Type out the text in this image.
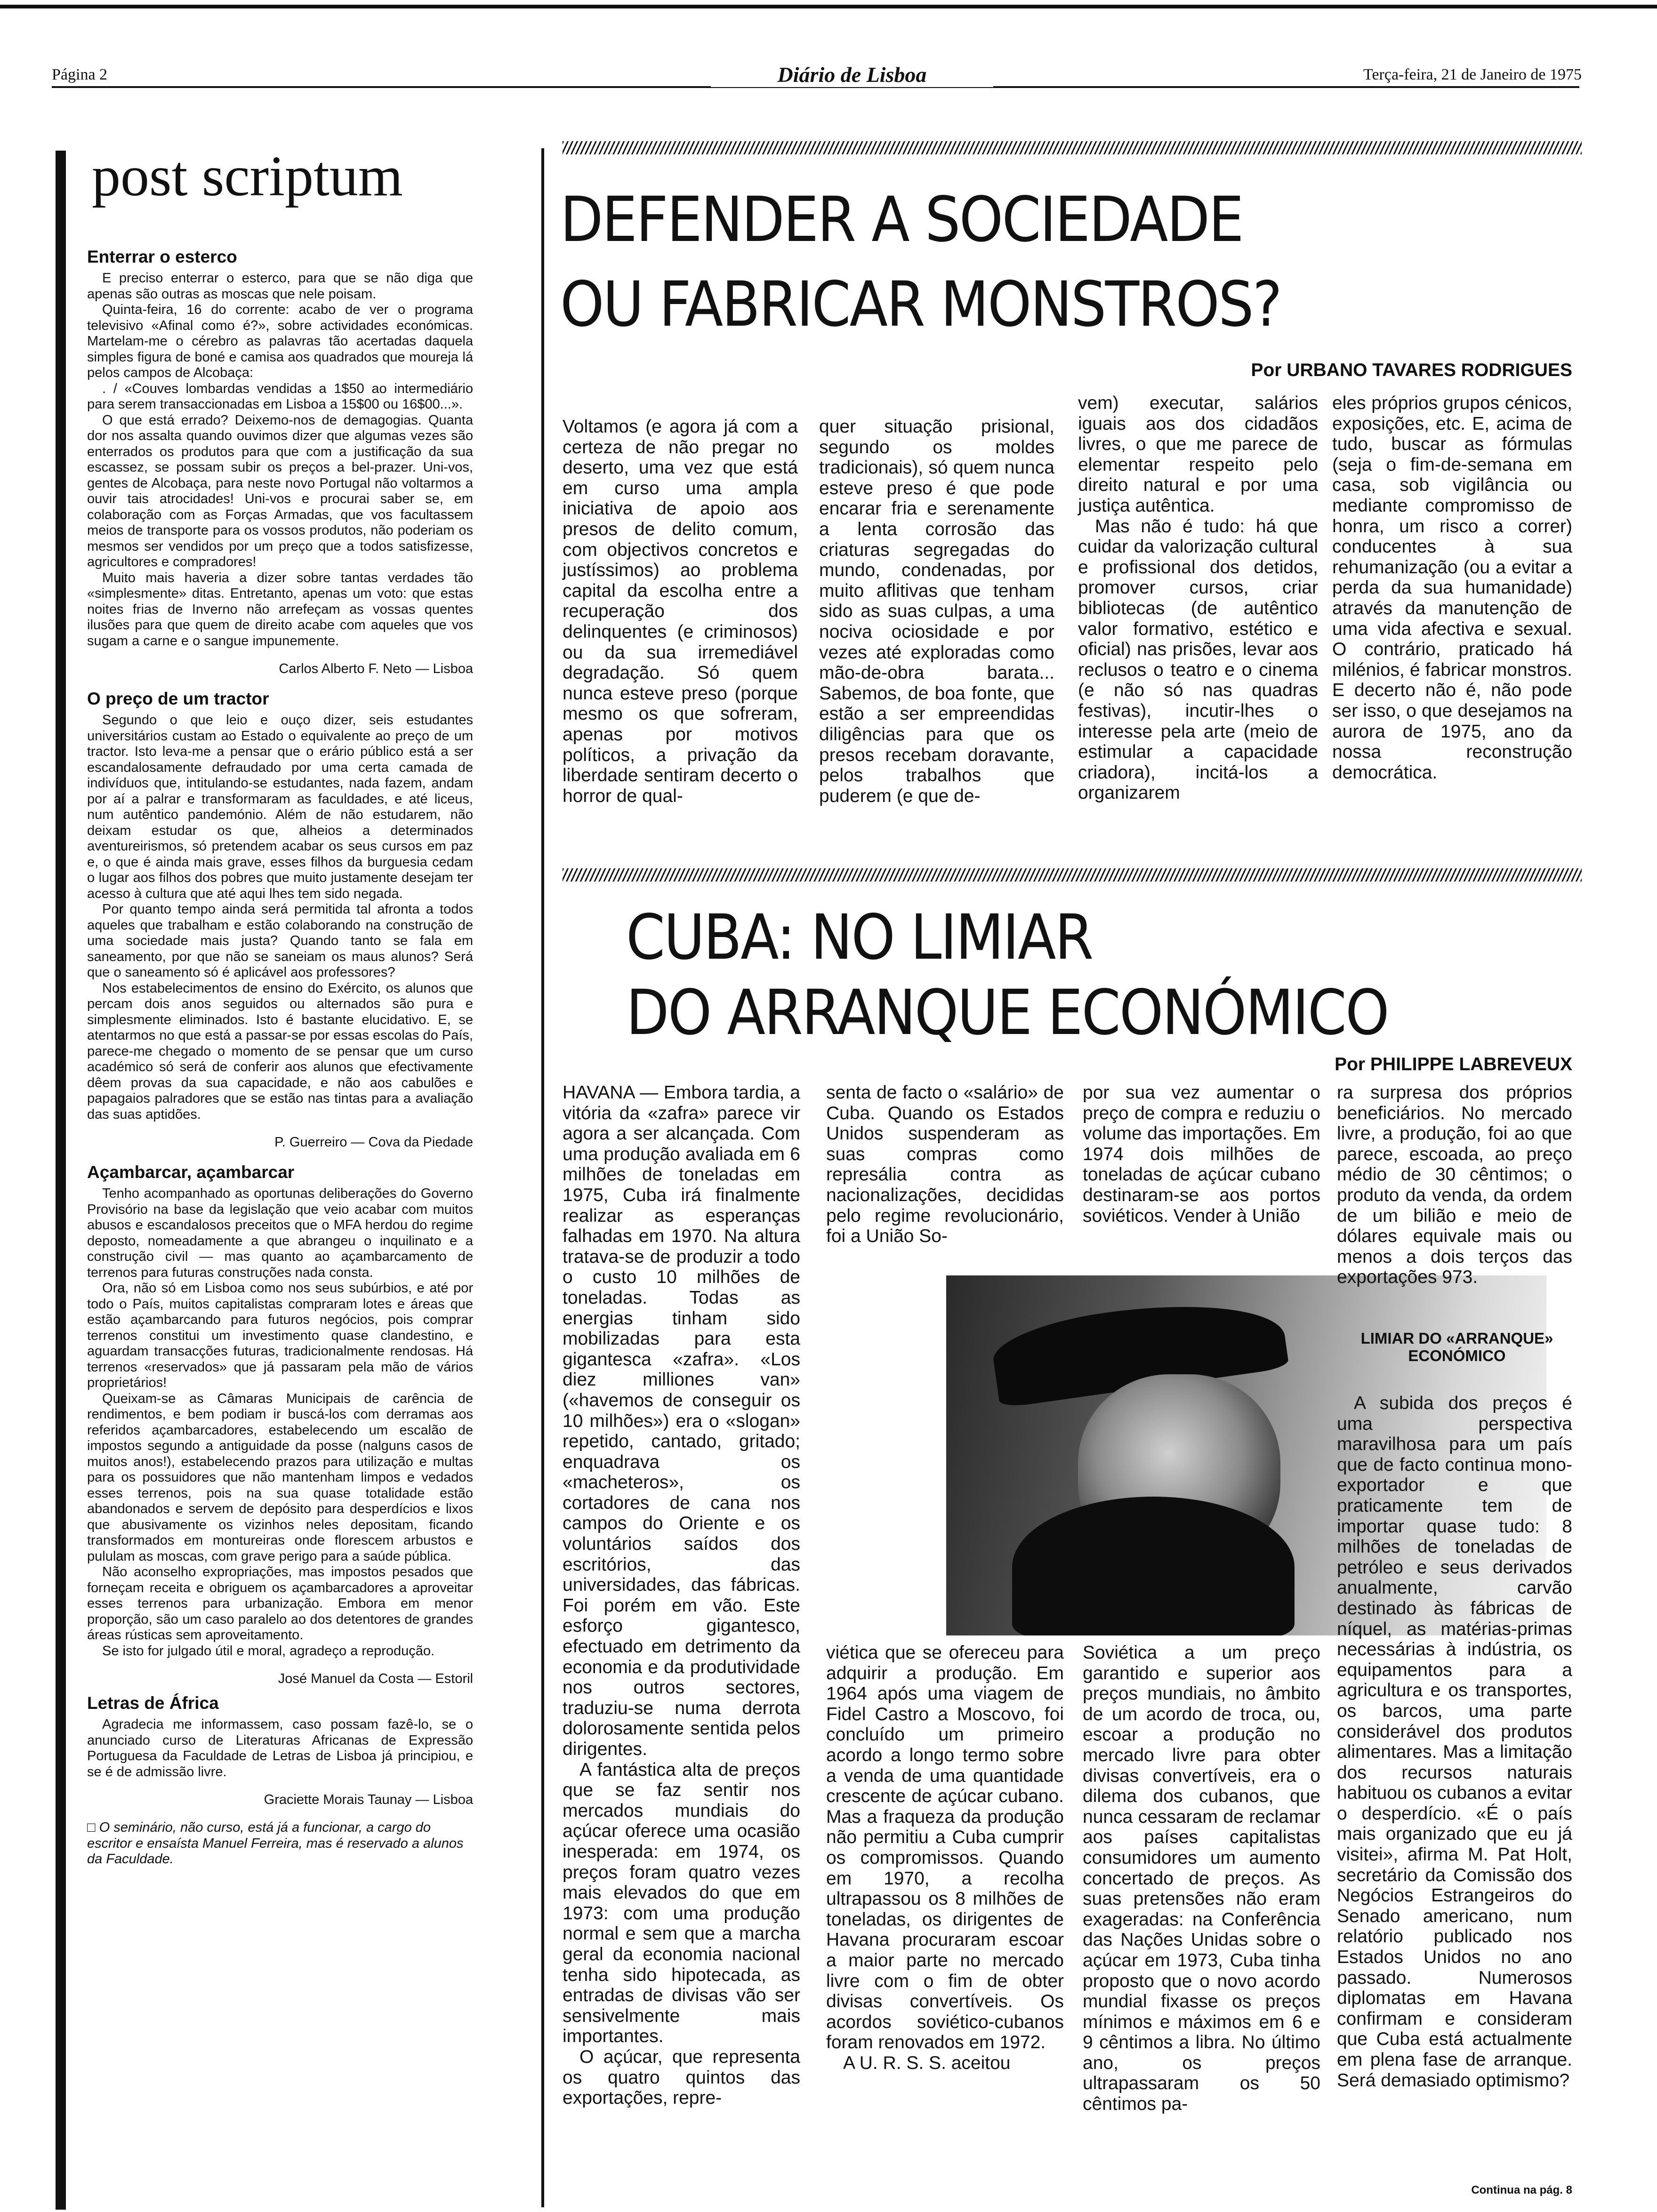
Página 2	Diário de Lisboa	Terça-feira, 21 de Janeiro de 1975
post scriptum
Enterrar o esterco

E preciso enterrar o esterco, para que se não diga que apenas são outras as moscas que nele poisam.

Quinta-feira, 16 do corrente: acabo de ver o programa televisivo «Afinal como é?», sobre actividades económicas. Martelam-me o cérebro as palavras tão acertadas daquela simples figura de boné e camisa aos quadrados que moureja lá pelos campos de Alcobaça:

. / «Couves lombardas vendidas a 1$50 ao intermediário para serem transaccionadas em Lisboa a 15$00 ou 16$00...».

O que está errado? Deixemo-nos de demagogias. Quanta dor nos assalta quando ouvimos dizer que algumas vezes são enterrados os produtos para que com a justificação da sua escassez, se possam subir os preços a bel-prazer. Uni-vos, gentes de Alcobaça, para neste novo Portugal não voltarmos a ouvir tais atrocidades! Uni-vos e procurai saber se, em colaboração com as Forças Armadas, que vos facultassem meios de transporte para os vossos produtos, não poderiam os mesmos ser vendidos por um preço que a todos satisfizesse, agricultores e compradores!

Muito mais haveria a dizer sobre tantas verdades tão «simplesmente» ditas. Entretanto, apenas um voto: que estas noites frias de Inverno não arrefeçam as vossas quentes ilusões para que quem de direito acabe com aqueles que vos sugam a carne e o sangue impunemente.

Carlos Alberto F. Neto — Lisboa
O preço de um tractor

Segundo o que leio e ouço dizer, seis estudantes universitários custam ao Estado o equivalente ao preço de um tractor. Isto leva-me a pensar que o erário público está a ser escandalosamente defraudado por uma certa camada de indivíduos que, intitulando-se estudantes, nada fazem, andam por aí a palrar e transformaram as faculdades, e até liceus, num autêntico pandemónio. Além de não estudarem, não deixam estudar os que, alheios a determinados aventureirismos, só pretendem acabar os seus cursos em paz e, o que é ainda mais grave, esses filhos da burguesia cedam o lugar aos filhos dos pobres que muito justamente desejam ter acesso à cultura que até aqui lhes tem sido negada.

Por quanto tempo ainda será permitida tal afronta a todos aqueles que trabalham e estão colaborando na construção de uma sociedade mais justa? Quando tanto se fala em saneamento, por que não se saneiam os maus alunos? Será que o saneamento só é aplicável aos professores?

Nos estabelecimentos de ensino do Exército, os alunos que percam dois anos seguidos ou alternados são pura e simplesmente eliminados. Isto é bastante elucidativo. E, se atentarmos no que está a passar-se por essas escolas do País, parece-me chegado o momento de se pensar que um curso académico só será de conferir aos alunos que efectivamente dêem provas da sua capacidade, e não aos cabulões e papagaios palradores que se estão nas tintas para a avaliação das suas aptidões.

P. Guerreiro — Cova da Piedade
Açambarcar, açambarcar

Tenho acompanhado as oportunas deliberações do Governo Provisório na base da legislação que veio acabar com muitos abusos e escandalosos preceitos que o MFA herdou do regime deposto, nomeadamente a que abrangeu o inquilinato e a construção civil — mas quanto ao açambarcamento de terrenos para futuras construções nada consta.

Ora, não só em Lisboa como nos seus subúrbios, e até por todo o País, muitos capitalistas compraram lotes e áreas que estão açambarcando para futuros negócios, pois comprar terrenos constitui um investimento quase clandestino, e aguardam transacções futuras, tradicionalmente rendosas. Há terrenos «reservados» que já passaram pela mão de vários proprietários!

Queixam-se as Câmaras Municipais de carência de rendimentos, e bem podiam ir buscá-los com derramas aos referidos açambarcadores, estabelecendo um escalão de impostos segundo a antiguidade da posse (nalguns casos de muitos anos!), estabelecendo prazos para utilização e multas para os possuidores que não mantenham limpos e vedados esses terrenos, pois na sua quase totalidade estão abandonados e servem de depósito para desperdícios e lixos que abusivamente os vizinhos neles depositam, ficando transformados em montureiras onde florescem arbustos e pululam as moscas, com grave perigo para a saúde pública.

Não aconselho expropriações, mas impostos pesados que forneçam receita e obriguem os açambarcadores a aproveitar esses terrenos para urbanização. Embora em menor proporção, são um caso paralelo ao dos detentores de grandes áreas rústicas sem aproveitamento.

Se isto for julgado útil e moral, agradeço a reprodução.

José Manuel da Costa — Estoril
Letras de África

Agradecia me informassem, caso possam fazê-lo, se o anunciado curso de Literaturas Africanas de Expressão Portuguesa da Faculdade de Letras de Lisboa já principiou, e se é de admissão livre.

Graciette Morais Taunay — Lisboa
□ O seminário, não curso, está já a funcionar, a cargo do escritor e ensaísta Manuel Ferreira, mas é reservado a alunos da Faculdade.
DEFENDER A SOCIEDADE
OU FABRICAR MONSTROS?
Por URBANO TAVARES RODRIGUES

Voltamos (e agora já com a certeza de não pregar no deserto, uma vez que está em curso uma ampla iniciativa de apoio aos presos de delito comum, com objectivos concretos e justíssimos) ao problema capital da escolha entre a recuperação dos delinquentes (e criminosos) ou da sua irremediável degradação. Só quem nunca esteve preso (porque mesmo os que sofreram, apenas por motivos políticos, a privação da liberdade sentiram decerto o horror de qual-

quer situação prisional, segundo os moldes tradicionais), só quem nunca esteve preso é que pode encarar fria e serenamente a lenta corrosão das criaturas segregadas do mundo, condenadas, por muito aflitivas que tenham sido as suas culpas, a uma nociva ociosidade e por vezes até exploradas como mão-de-obra barata... Sabemos, de boa fonte, que estão a ser empreendidas diligências para que os presos recebam doravante, pelos trabalhos que puderem (e que de-

vem) executar, salários iguais aos dos cidadãos livres, o que me parece de elementar respeito pelo direito natural e por uma justiça autêntica.

Mas não é tudo: há que cuidar da valorização cultural e profissional dos detidos, promover cursos, criar bibliotecas (de autêntico valor formativo, estético e oficial) nas prisões, levar aos reclusos o teatro e o cinema (e não só nas quadras festivas), incutir-lhes o interesse pela arte (meio de estimular a capacidade criadora), incitá-los a organizarem

eles próprios grupos cénicos, exposições, etc. E, acima de tudo, buscar as fórmulas (seja o fim-de-semana em casa, sob vigilância ou mediante compromisso de honra, um risco a correr) conducentes à sua rehumanização (ou a evitar a perda da sua humanidade) através da manutenção de uma vida afectiva e sexual. O contrário, praticado há milénios, é fabricar monstros. E decerto não é, não pode ser isso, o que desejamos na aurora de 1975, ano da nossa reconstrução democrática.

CUBA: NO LIMIAR
DO ARRANQUE ECONÓMICO
Por PHILIPPE LABREVEUX

HAVANA — Embora tardia, a vitória da «zafra» parece vir agora a ser alcançada. Com uma produção avaliada em 6 milhões de toneladas em 1975, Cuba irá finalmente realizar as esperanças falhadas em 1970. Na altura tratava-se de produzir a todo o custo 10 milhões de toneladas. Todas as energias tinham sido mobilizadas para esta gigantesca «zafra». «Los diez milliones van» («havemos de conseguir os 10 milhões») era o «slogan» repetido, cantado, gritado; enquadrava os «macheteros», os cortadores de cana nos campos do Oriente e os voluntários saídos dos escritórios, das universidades, das fábricas. Foi porém em vão. Este esforço gigantesco, efectuado em detrimento da economia e da produtividade nos outros sectores, traduziu-se numa derrota dolorosamente sentida pelos dirigentes.

A fantástica alta de preços que se faz sentir nos mercados mundiais do açúcar oferece uma ocasião inesperada: em 1974, os preços foram quatro vezes mais elevados do que em 1973: com uma produção normal e sem que a marcha geral da economia nacional tenha sido hipotecada, as entradas de divisas vão ser sensivelmente mais importantes.

O açúcar, que representa os quatro quintos das exportações, repre-

senta de facto o «salário» de Cuba. Quando os Estados Unidos suspenderam as suas compras como represália contra as nacionalizações, decididas pelo regime revolucionário, foi a União So-

por sua vez aumentar o preço de compra e reduziu o volume das importações. Em 1974 dois milhões de toneladas de açúcar cubano destinaram-se aos portos soviéticos. Vender à União

viética que se ofereceu para adquirir a produção. Em 1964 após uma viagem de Fidel Castro a Moscovo, foi concluído um primeiro acordo a longo termo sobre a venda de uma quantidade crescente de açúcar cubano. Mas a fraqueza da produção não permitiu a Cuba cumprir os compromissos. Quando em 1970, a recolha ultrapassou os 8 milhões de toneladas, os dirigentes de Havana procuraram escoar a maior parte no mercado livre com o fim de obter divisas convertíveis. Os acordos soviético-cubanos foram renovados em 1972.

A U. R. S. S. aceitou

Soviética a um preço garantido e superior aos preços mundiais, no âmbito de um acordo de troca, ou, escoar a produção no mercado livre para obter divisas convertíveis, era o dilema dos cubanos, que nunca cessaram de reclamar aos países capitalistas consumidores um aumento concertado de preços. As suas pretensões não eram exageradas: na Conferência das Nações Unidas sobre o açúcar em 1973, Cuba tinha proposto que o novo acordo mundial fixasse os preços mínimos e máximos em 6 e 9 cêntimos a libra. No último ano, os preços ultrapassaram os 50 cêntimos pa-

ra surpresa dos próprios beneficiários. No mercado livre, a produção, foi ao que parece, escoada, ao preço médio de 30 cêntimos; o produto da venda, da ordem de um bilião e meio de dólares equivale mais ou menos a dois terços das exportações 973.

LIMIAR DO «ARRANQUE» ECONÓMICO

A subida dos preços é uma perspectiva maravilhosa para um país que de facto continua mono-exportador e que praticamente tem de importar quase tudo: 8 milhões de toneladas de petróleo e seus derivados anualmente, carvão destinado às fábricas de níquel, as matérias-primas necessárias à indústria, os equipamentos para a agricultura e os transportes, os barcos, uma parte considerável dos produtos alimentares. Mas a limitação dos recursos naturais habituou os cubanos a evitar o desperdício. «É o país mais organizado que eu já visitei», afirma M. Pat Holt, secretário da Comissão dos Negócios Estrangeiros do Senado americano, num relatório publicado nos Estados Unidos no ano passado. Numerosos diplomatas em Havana confirmam e consideram que Cuba está actualmente em plena fase de arranque. Será demasiado optimismo?

Continua na pág. 8
